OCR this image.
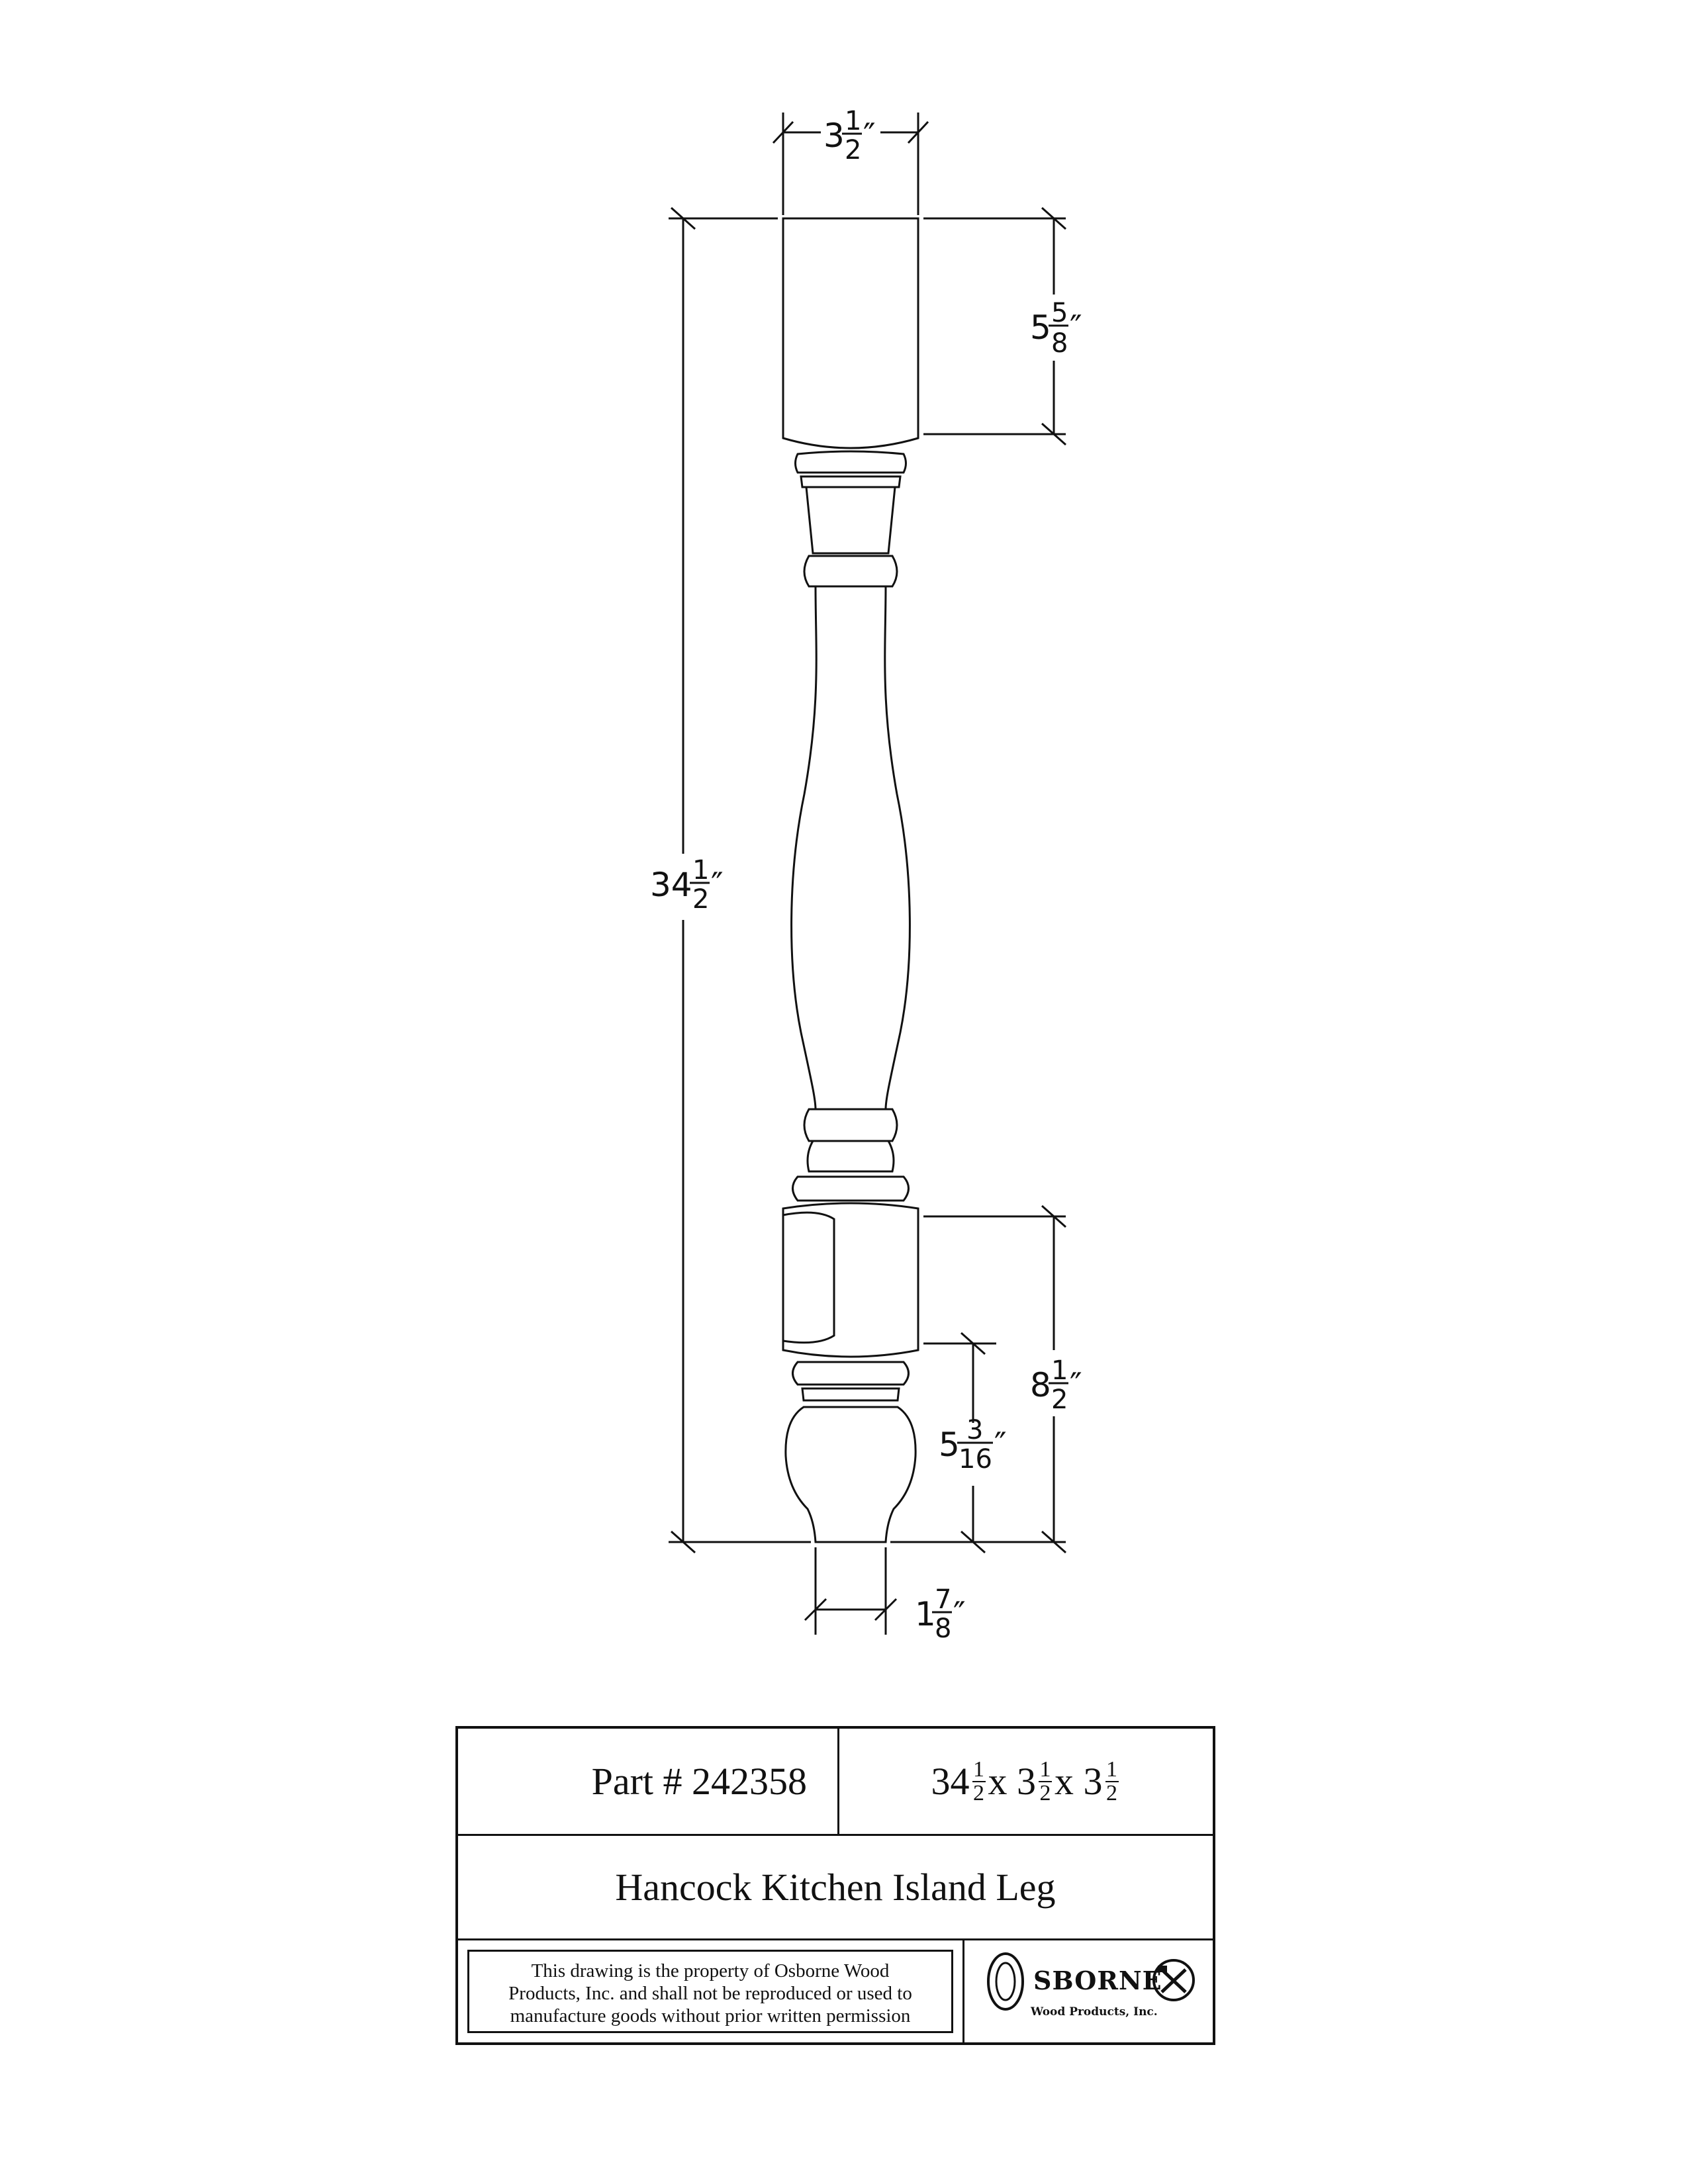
3 1
2 ″
5 5
8 ″
34 1
2 ″
8 1
2 ″
5 3
16 ″
1
7
8 ″
Part # 242358	$34 \frac{1}{2}$ x $3 \frac{1}{2}$ x $3 \frac{1}{2}$
Hancock Kitchen Island Leg
This drawing is the property of Osborne Wood
Products, Inc. and shall not be reproduced or used to
manufacture goods without prior written permission
SBORNE
Wood Products, Inc.
